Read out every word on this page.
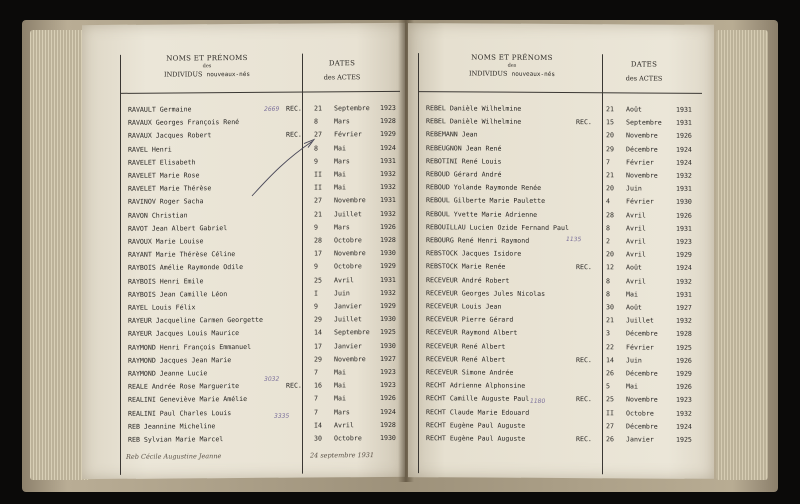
NOMS ET PRÉNOMS
des
INDIVIDUS nouveaux-nés
DATES
des ACTES
RAVAULT Germaine	REC. 21 Septembre 1923
RAVAUX Georges François René	8 Mars	1928
RAVAUX Jacques Robert	REC. 27 Février	1929
RAVEL Henri	8 Mai	1924
RAVELET Elisabeth	9 Mars	1931
RAVELET Marie Rose	II Mai	1932
RAVELET Marie Thérèse	II Mai	1932
RAVINOV Roger Sacha	27 Novembre 1931
RAVON Christian	21 Juillet	1932
RAVOT Jean Albert Gabriel	9 Mars	1926
RAVOUX Marie Louise	28 Octobre	1928
RAYANT Marie Thérèse Céline	17 Novembre 1930
RAYBOIS Amélie Raymonde Odile	9 Octobre	1929
RAYBOIS Henri Emile	25 Avril	1931
RAYBOIS Jean Camille Léon	I Juin	1932
RAYEL Louis Félix	9 Janvier	1929
RAYEUR Jacqueline Carmen Georgette	29 Juillet	1930
RAYEUR Jacques Louis Maurice	14 Septembre 1925
RAYMOND Henri François Emmanuel	17 Janvier	1930
RAYMOND Jacques Jean Marie	29 Novembre 1927
RAYMOND Jeanne Lucie	7 Mai	1923
REALE Andrée Rose Marguerite	REC. 16 Mai	1923
REALINI Geneviève Marie Amélie	7 Mai	1926
REALINI Paul Charles Louis	7 Mars	1924
REB Jeannine Micheline	I4 Avril	1928
REB Sylvian Marie Marcel	30 Octobre	1930
Reb Cécile Augustine Jeanne	24 septembre 1931
2669
3032
3335
NOMS ET PRÉNOMS
des
INDIVIDUS nouveaux-nés
DATES
des ACTES
REBEL Danièle Wilhelmine	21 Août	1931
REBEL Danièle Wilhelmine	REC. 15 Septembre 1931
REBEMANN Jean	20 Novembre	1926
REBEUGNON Jean René	29 Décembre	1924
REBOTINI René Louis	7 Février	1924
REBOUD Gérard André	21 Novembre	1932
REBOUD Yolande Raymonde Renée	20 Juin	1931
REBOUL Gilberte Marie Paulette	4 Février	1930
REBOUL Yvette Marie Adrienne	28 Avril	1926
REBOUILLAU Lucien Ozide Fernand Paul	8 Avril	1931
REBOURG René Henri Raymond	2 Avril	1923
REBSTOCK Jacques Isidore	20 Avril	1929
REBSTOCK Marie Renée	REC. 12 Août	1924
RECEVEUR André Robert	8 Avril	1932
RECEVEUR Georges Jules Nicolas	8 Mai	1931
RECEVEUR Louis Jean	30 Août	1927
RECEVEUR Pierre Gérard	21 Juillet	1932
RECEVEUR Raymond Albert	3 Décembre	1928
RECEVEUR René Albert	22 Février	1925
RECEVEUR René Albert	REC. 14 Juin	1926
RECEVEUR Simone Andrée	26 Décembre	1929
RECHT Adrienne Alphonsine	5 Mai	1926
RECHT Camille Auguste Paul	REC. 25 Novembre	1923
RECHT Claude Marie Edouard	II Octobre	1932
RECHT Eugène Paul Auguste	27 Décembre	1924
RECHT Eugène Paul Auguste	REC. 26 Janvier	1925
1135
1180
